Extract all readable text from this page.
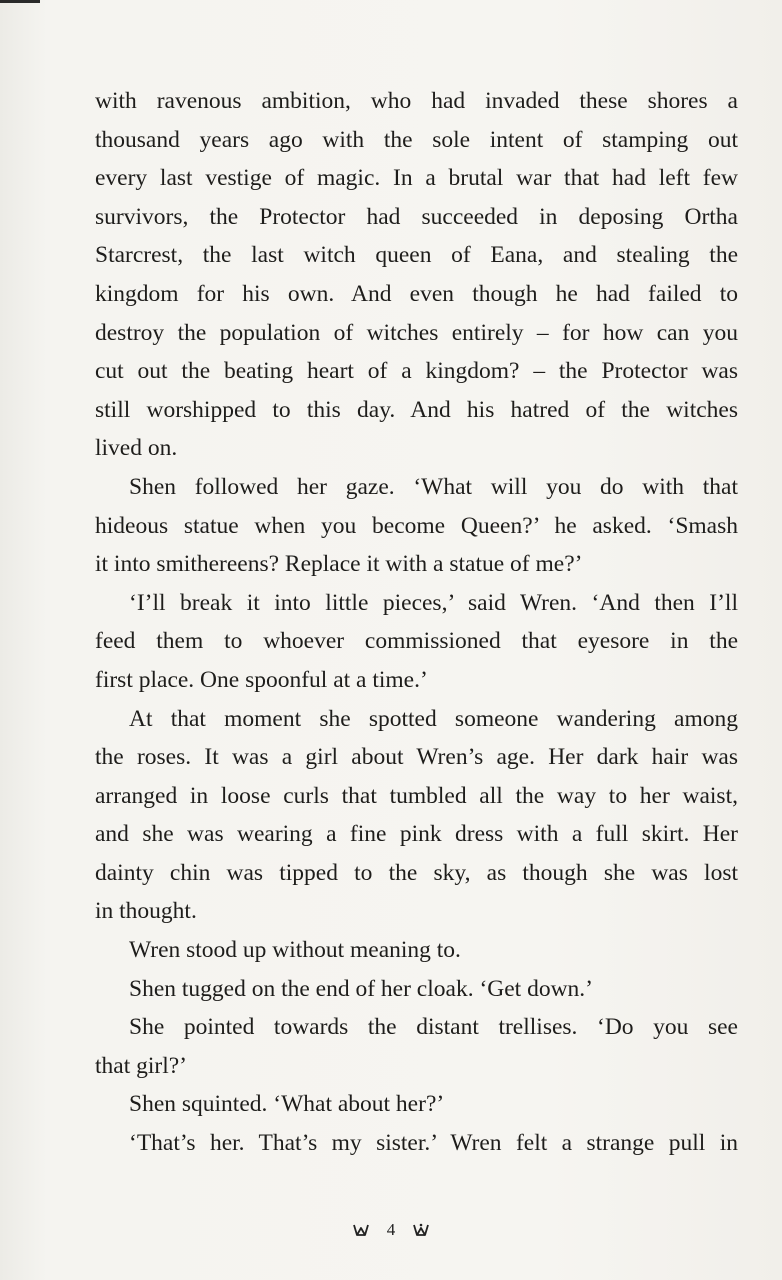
with ravenous ambition, who had invaded these shores a
thousand years ago with the sole intent of stamping out
every last vestige of magic. In a brutal war that had left few
survivors, the Protector had succeeded in deposing Ortha
Starcrest, the last witch queen of Eana, and stealing the
kingdom for his own. And even though he had failed to
destroy the population of witches entirely – for how can you
cut out the beating heart of a kingdom? – the Protector was
still worshipped to this day. And his hatred of the witches
lived on.
Shen followed her gaze. ‘What will you do with that
hideous statue when you become Queen?’ he asked. ‘Smash
it into smithereens? Replace it with a statue of me?’
‘I’ll break it into little pieces,’ said Wren. ‘And then I’ll
feed them to whoever commissioned that eyesore in the
first place. One spoonful at a time.’
At that moment she spotted someone wandering among
the roses. It was a girl about Wren’s age. Her dark hair was
arranged in loose curls that tumbled all the way to her waist,
and she was wearing a fine pink dress with a full skirt. Her
dainty chin was tipped to the sky, as though she was lost
in thought.
Wren stood up without meaning to.
Shen tugged on the end of her cloak. ‘Get down.’
She pointed towards the distant trellises. ‘Do you see
that girl?’
Shen squinted. ‘What about her?’
‘That’s her. That’s my sister.’ Wren felt a strange pull in
4
